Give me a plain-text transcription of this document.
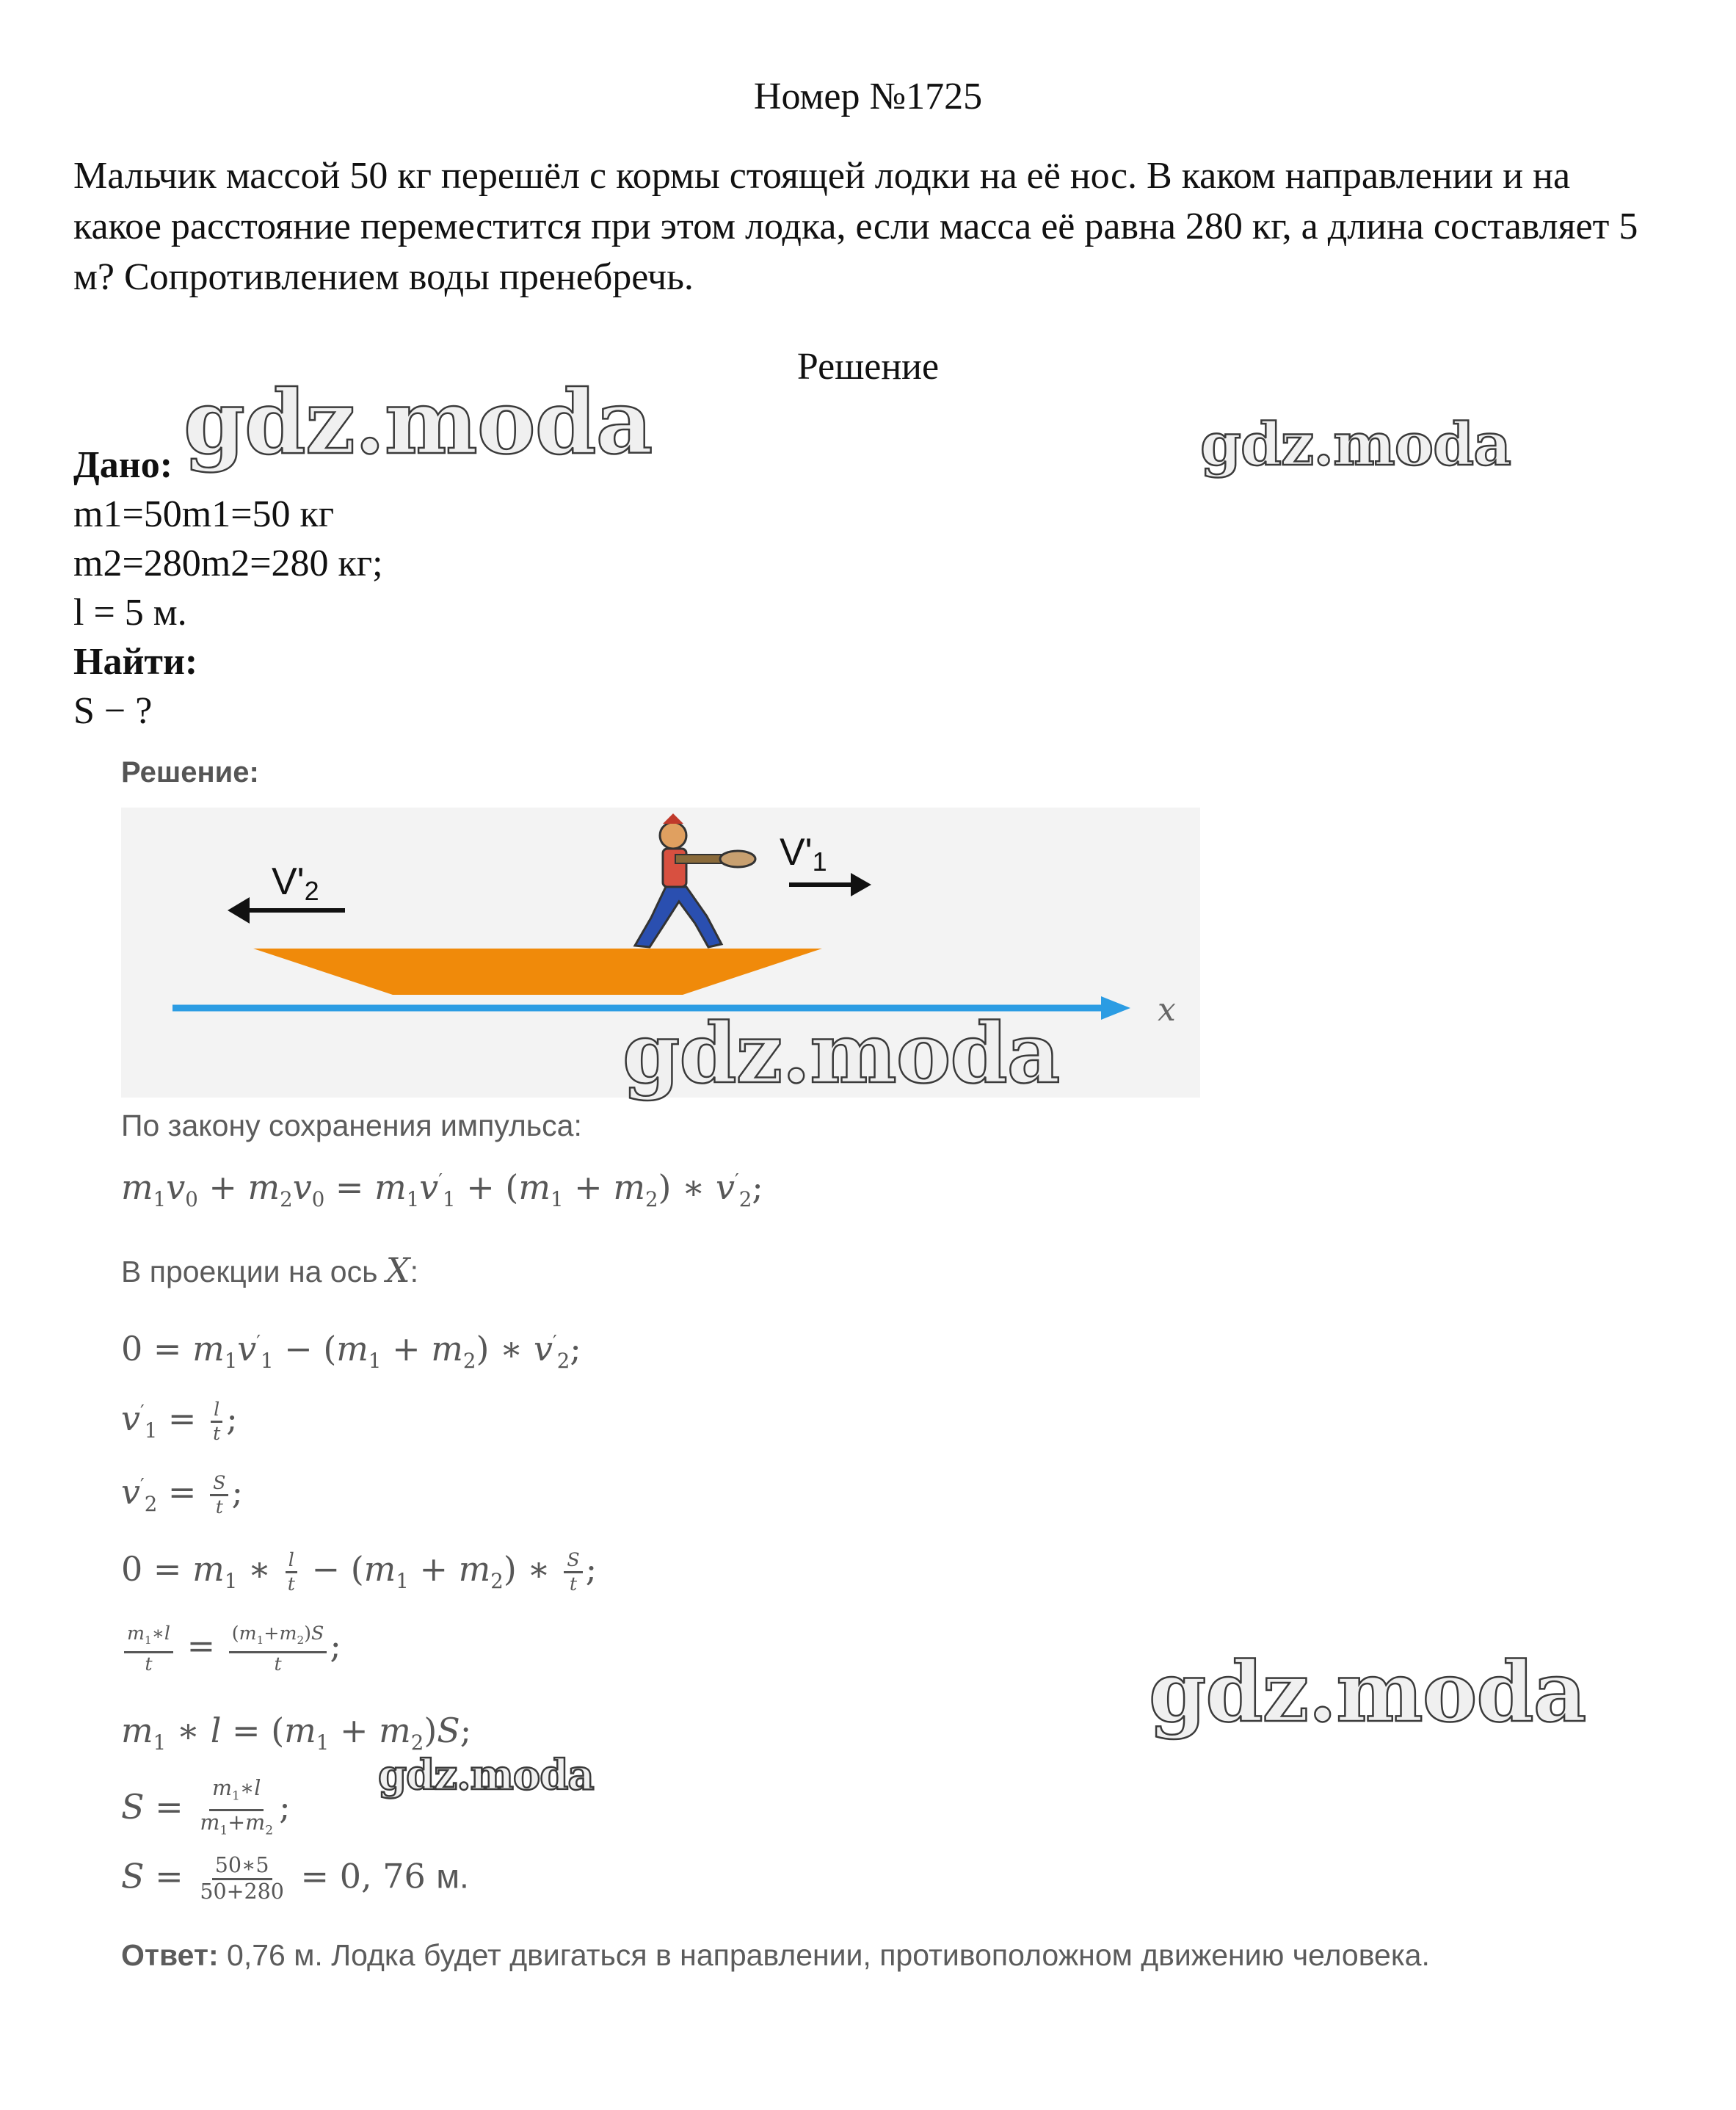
Номер №1725
Мальчик массой 50 кг перешёл с кормы стоящей лодки на её нос. В каком направлении и на какое расстояние переместится при этом лодка, если масса её равна 280 кг, а длина составляет 5 м? Сопротивлением воды пренебречь.
Решение
Дано:
m1=50m1=50 кг
m2=280m2=280 кг;
l = 5 м.
Найти:
S − ?
Решение:
x
V'2
V'1
По закону сохранения импульса:
$m_1v_0 + m_2v_0 = m_1v'_1 + (m_1 + m_2)$ ∗ $v'_2$;
В проекции на ось X:
$0 = m_1v'_1 - (m_1 + m_2)$ ∗ $v'_2$;
$v'_1 = \frac{l}{t}$ ;
$v'_2 = \frac{S}{t}$ ;
$0 = m_1$ ∗ $\frac{l}{t} - (m_1 + m_2)$ ∗ $\frac{S}{t}$ ;
$\frac{m_1∗l}{t} = \frac{(m_1+m_2)S}{t}$ ;
$m_1$ ∗ $l = (m_1 + m_2)S$;
$S = \frac{m_1∗l}{m_1+m_2}$ ;
$S = \frac{50∗5}{50+280} = 0$, 76 м.
Ответ: 0,76 м. Лодка будет двигаться в направлении, противоположном движению человека.
gdz.moda	gdz.moda
gdz.moda
gdz.moda
gdz.moda
